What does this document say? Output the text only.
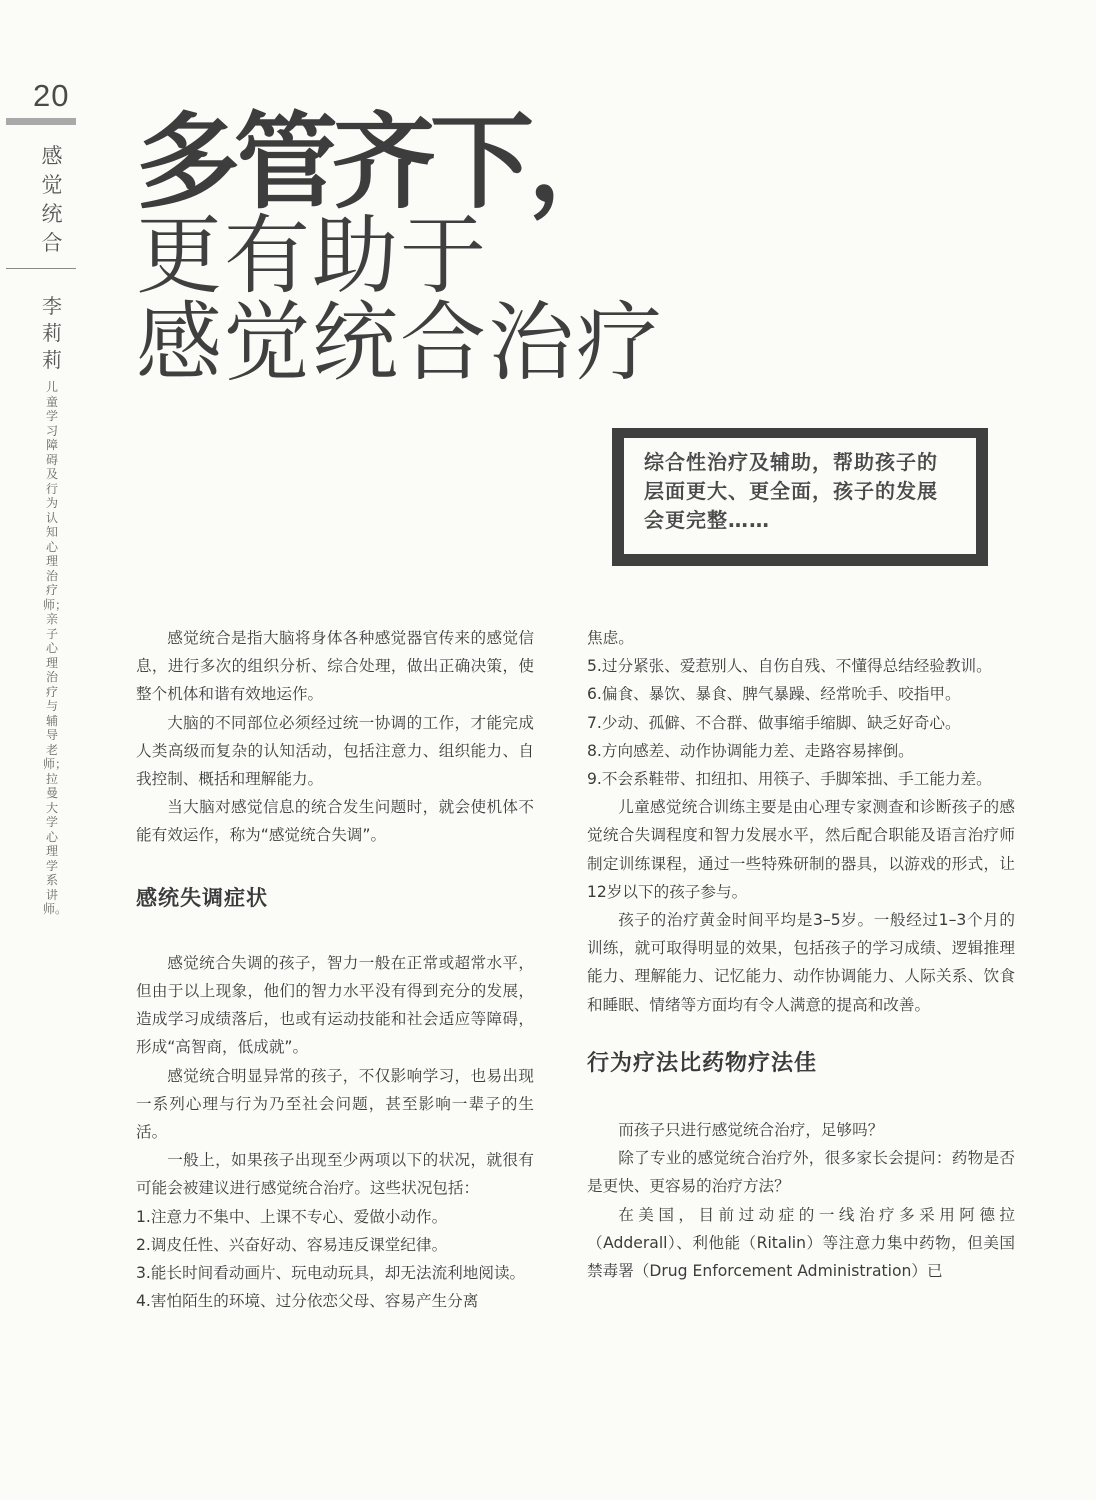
20

感觉统合

李莉莉

儿童学习障碍及行为认知心理治疗师；亲子心理治疗与辅导老师；拉曼大学心理学系讲师。

多管齐下，
更有助于
感觉统合治疗
综合性治疗及辅助，帮助孩子的层面更大、更全面，孩子的发展会更完整……

感觉统合是指大脑将身体各种感觉器官传来的感觉信息，进行多次的组织分析、综合处理，做出正确决策，使整个机体和谐有效地运作。

大脑的不同部位必须经过统一协调的工作，才能完成人类高级而复杂的认知活动，包括注意力、组织能力、自我控制、概括和理解能力。

当大脑对感觉信息的统合发生问题时，就会使机体不能有效运作，称为“感觉统合失调”。

感统失调症状

感觉统合失调的孩子，智力一般在正常或超常水平，但由于以上现象，他们的智力水平没有得到充分的发展，造成学习成绩落后，也或有运动技能和社会适应等障碍，形成“高智商，低成就”。

感觉统合明显异常的孩子，不仅影响学习，也易出现一系列心理与行为乃至社会问题，甚至影响一辈子的生活。

一般上，如果孩子出现至少两项以下的状况，就很有可能会被建议进行感觉统合治疗。这些状况包括：

1.注意力不集中、上课不专心、爱做小动作。

2.调皮任性、兴奋好动、容易违反课堂纪律。

3.能长时间看动画片、玩电动玩具，却无法流利地阅读。

4.害怕陌生的环境、过分依恋父母、容易产生分离

焦虑。

5.过分紧张、爱惹别人、自伤自残、不懂得总结经验教训。

6.偏食、暴饮、暴食、脾气暴躁、经常吮手、咬指甲。

7.少动、孤僻、不合群、做事缩手缩脚、缺乏好奇心。

8.方向感差、动作协调能力差、走路容易摔倒。

9.不会系鞋带、扣纽扣、用筷子、手脚笨拙、手工能力差。

儿童感觉统合训练主要是由心理专家测查和诊断孩子的感觉统合失调程度和智力发展水平，然后配合职能及语言治疗师制定训练课程，通过一些特殊研制的器具，以游戏的形式，让12岁以下的孩子参与。

孩子的治疗黄金时间平均是3–5岁。一般经过1–3个月的训练，就可取得明显的效果，包括孩子的学习成绩、逻辑推理能力、理解能力、记忆能力、动作协调能力、人际关系、饮食和睡眠、情绪等方面均有令人满意的提高和改善。

行为疗法比药物疗法佳

而孩子只进行感觉统合治疗，足够吗？

除了专业的感觉统合治疗外，很多家长会提问：药物是否是更快、更容易的治疗方法？

在美国，目前过动症的一线治疗多采用阿德拉（Adderall）、利他能（Ritalin）等注意力集中药物，但美国禁毒署（Drug Enforcement Administration）已
